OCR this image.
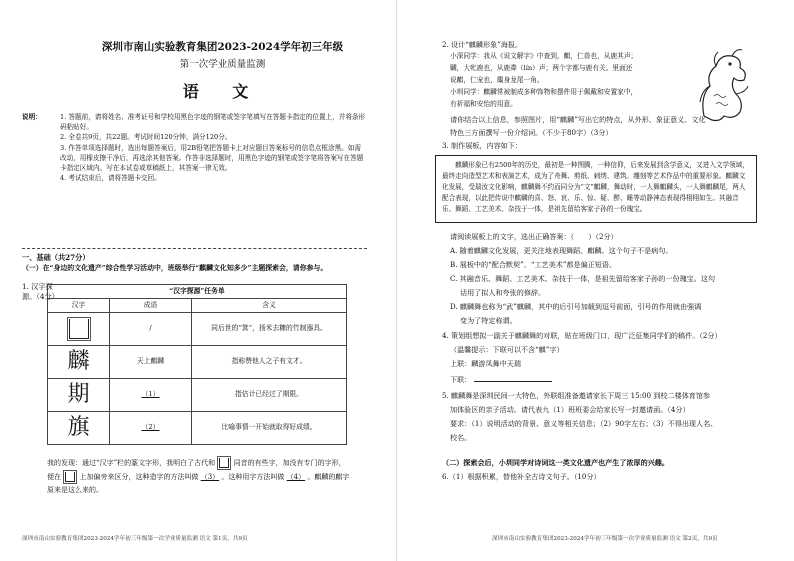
深圳市南山实验教育集团2023-2024学年初三年级
第一次学业质量监测
语 文
说明：	1. 答题前，请将姓名、准考证号和学校用黑色字迹的钢笔或签字笔填写在答题卡指定的位置上，并将条形码粘贴好。
2. 全卷共9页，共22题。考试时间120分钟，满分120分。
3. 作答单项选择题时，选出每题答案后，用2B铅笔把答题卡上对应题目答案标号的信息点框涂黑。如需改动，用橡皮擦干净后，再选涂其他答案。作答非选择题时，用黑色字迹的钢笔或签字笔将答案写在答题卡指定区域内。写在本试卷或草稿纸上，其答案一律无效。
4. 考试结束后，请将答题卡交回。
一、基础（共27分）
（一）在“身边的文化遗产”综合性学习活动中，班级举行“麒麟文化知多少”主题探索会，请你参与。
1. 汉字探源。（4分）
“汉字探源”任务单		
汉字	成语	含义

	/	同后世的“箕”，扬米去糠的竹制器具。
麟	天上麒麟	指称赞他人之子有文才。
期	（1）	指估计已经过了期限。
旗	（2）	比喻事情一开始就取得好成绩。
我的发现：通过“汉字”栏的篆文字形，我明白了古代和	同音的有些字，加没有专门的字形，便在	上加偏旁来区分，这种造字的方法叫做 （3） 。这种用字方法叫做 （4） 。麒麟的麒字原来是这么来的。
深圳市南山实验教育集团2023-2024学年初三年级第一次学业质量监测 语文 第1页，共9页
2. 设计“麒麟形象”海报。
小深同学：我从《说文解字》中查到，麒，仁兽也，从鹿其声；
麟，大牝鹿也，从鹿粦（lín）声；两个字都与鹿有关。里面还
说麒，仁宠也，麋身龙尾一角。
小圳同学：麒麟常被制成多种饰物和摆件用于佩戴和安置家中，
有祈福和安怡的用意。
请你结合以上信息，参照图片，用“麒麟”写出它的特点，从外形、象征意义、文化
特色三方面撰写一份介绍词。（不少于80字）（3分）
3. 制作展板，内容如下：
麒麟形象已有2500年的历史，最初是一种图腾，一种信仰，后来发展到含学意义，又进入文学领域，最终走向造型艺术和表演艺术，成为了舟舞、剪纸、刺绣、建筑、雕刻等艺术作品中的重要形象。麒麟文化发展，受瑞汝文化影响，麒麟舞不约而同分为“文”麒麟，舞动时，一人舞麒麟头，一人舞麒麟尾，两人配合表现，以此把传说中麒麟的喜、怒、哀、乐、惊、疑、醉、睡等动静神态表现得栩栩如生。其融音乐、舞蹈、工艺美术、杂技于一体，是祖先留给客家子孙的一份瑰宝。
请阅读展板上的文字，选出正确答案：（　　）（2分）
A. 随着麒麟文化发展，更关注地表现舞蹈、麒麟。这个句子不是病句。
B. 展板中的“配合默契”、“工艺美术”都是偏正短语。
C. 其融音乐、舞蹈、工艺美术、杂技于一体，是祖先留给客家子孙的一份瑰宝。这句
话用了拟人和夸张的修辞。
D. 麒麟舞也称为“武”麒麟，其中的后引号加载到逗号前面，引号的作用就由强调
变为了特定称谓。
4. 策划组想拟一副关于麒麟舞的对联，贴在班级门口，现广泛征集同学们的稿件。（2分）
（温馨提示：下联可以不含“麒”字）
上联：麟游凤舞中天瑞
下联：
5. 麒麟舞是深圳民间一大特色，外联组准备邀请家长下周三 15:00 到校二楼体育馆参
加体验区的亲子活动。请代表九（1）班班委会给家长写一封邀请函。（4分）
要求：（1）说明活动的背景、意义等相关信息；（2）90字左右；（3）不得出现人名、
校名。
（二）探索会后，小圳同学对诗词这一类文化遗产也产生了浓厚的兴趣。
6.（1）根据积累，替他补全古诗文句子。（10分）
深圳市南山实验教育集团2023-2024学年初三年级第一次学业质量监测 语文 第2页，共9页
